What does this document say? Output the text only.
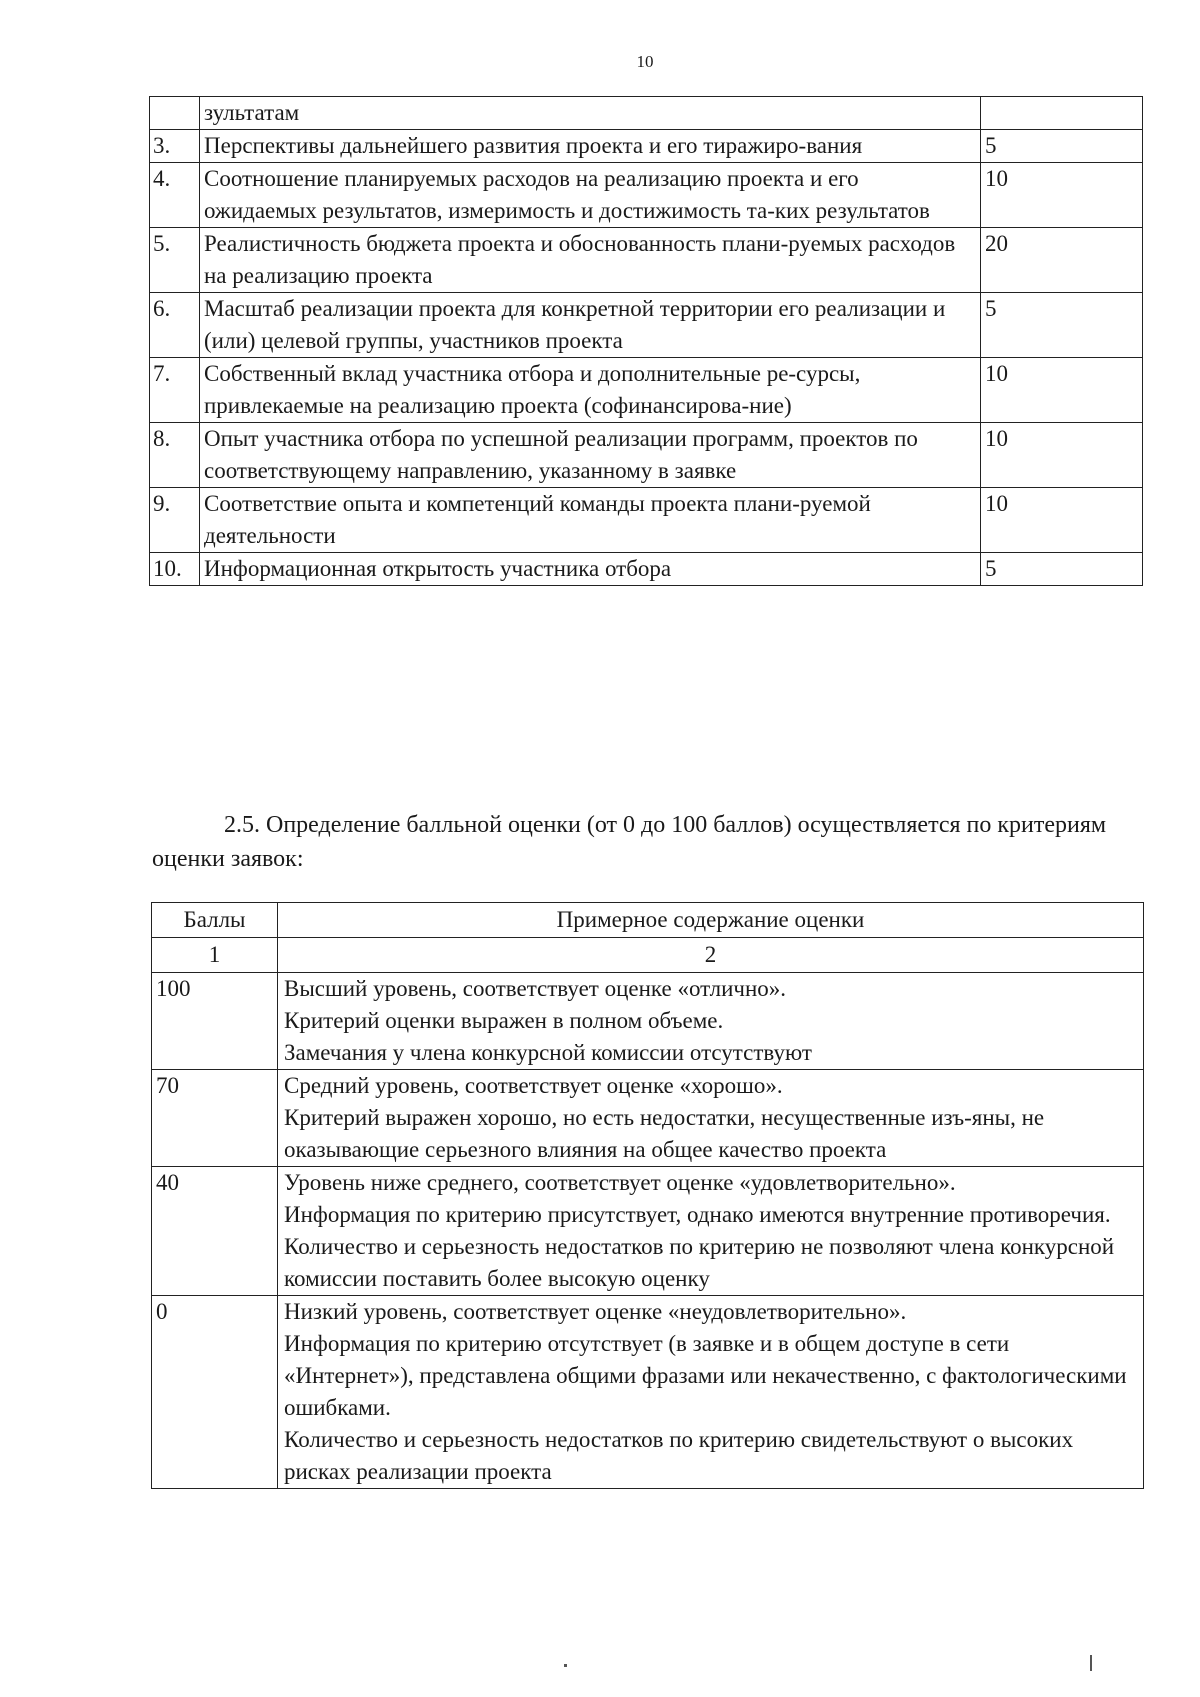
10
	зультатам	
3.	Перспективы дальнейшего развития проекта и его тиражиро-вания	5
4.	Соотношение планируемых расходов на реализацию проекта и его ожидаемых результатов, измеримость и достижимость та-ких результатов	10
5.	Реалистичность бюджета проекта и обоснованность плани-руемых расходов на реализацию проекта	20
6.	Масштаб реализации проекта для конкретной территории его реализации и (или) целевой группы, участников проекта	5
7.	Собственный вклад участника отбора и дополнительные ре-сурсы, привлекаемые на реализацию проекта (софинансирова-ние)	10
8.	Опыт участника отбора по успешной реализации программ, проектов по соответствующему направлению, указанному в заявке	10
9.	Соответствие опыта и компетенций команды проекта плани-руемой деятельности	10
10.	Информационная открытость участника отбора	5

2.5. Определение балльной оценки (от 0 до 100 баллов) осуществляется по критериям оценки заявок:

Баллы	Примерное содержание оценки
1	2
100	Высший уровень, соответствует оценке «отлично».
Критерий оценки выражен в полном объеме.
Замечания у члена конкурсной комиссии отсутствуют

70	Средний уровень, соответствует оценке «хорошо».
Критерий выражен хорошо, но есть недостатки, несущественные изъ-яны, не оказывающие серьезного влияния на общее качество проекта

40	Уровень ниже среднего, соответствует оценке «удовлетворительно».
Информация по критерию присутствует, однако имеются внутренние противоречия. Количество и серьезность недостатков по критерию не позволяют члена конкурсной комиссии поставить более высокую оценку

0	Низкий уровень, соответствует оценке «неудовлетворительно».
Информация по критерию отсутствует (в заявке и в общем доступе в сети «Интернет»), представлена общими фразами или некачественно, с фактологическими ошибками.
Количество и серьезность недостатков по критерию свидетельствуют о высоких рисках реализации проекта
